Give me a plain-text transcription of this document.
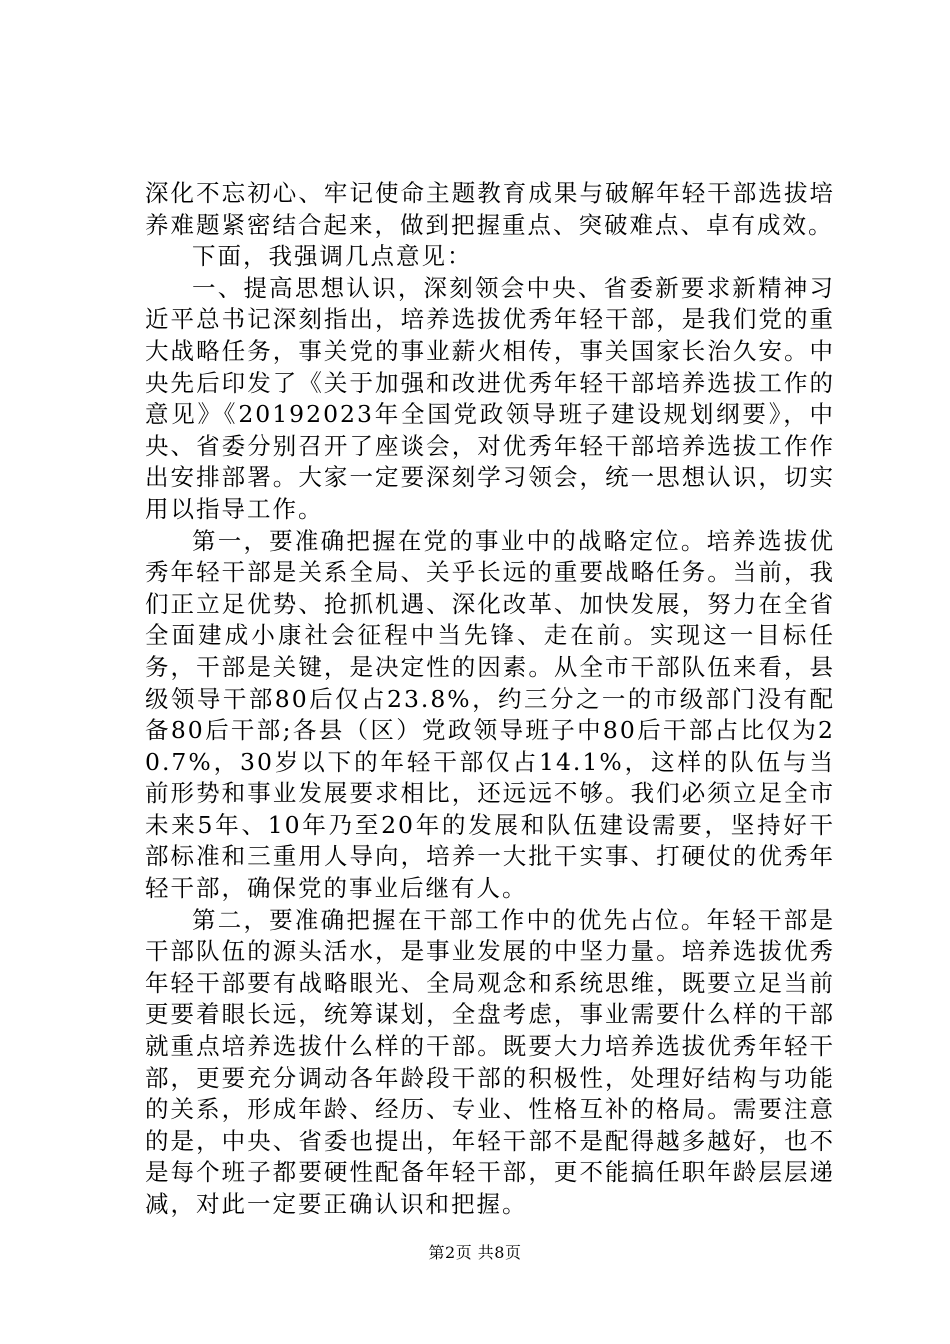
深化不忘初心、牢记使命主题教育成果与破解年轻干部选拔培养难题紧密结合起来，做到把握重点、突破难点、卓有成效。

下面，我强调几点意见：

一、提高思想认识，深刻领会中央、省委新要求新精神习近平总书记深刻指出，培养选拔优秀年轻干部，是我们党的重大战略任务，事关党的事业薪火相传，事关国家长治久安。中央先后印发了《关于加强和改进优秀年轻干部培养选拔工作的意见》《20192023年全国党政领导班子建设规划纲要》，中央、省委分别召开了座谈会，对优秀年轻干部培养选拔工作作出安排部署。大家一定要深刻学习领会，统一思想认识，切实用以指导工作。

第一，要准确把握在党的事业中的战略定位。培养选拔优秀年轻干部是关系全局、关乎长远的重要战略任务。当前，我们正立足优势、抢抓机遇、深化改革、加快发展，努力在全省全面建成小康社会征程中当先锋、走在前。实现这一目标任务，干部是关键，是决定性的因素。从全市干部队伍来看，县级领导干部80后仅占23.8%，约三分之一的市级部门没有配备80后干部;各县（区）党政领导班子中80后干部占比仅为20.7%，30岁以下的年轻干部仅占14.1%，这样的队伍与当前形势和事业发展要求相比，还远远不够。我们必须立足全市未来5年、10年乃至20年的发展和队伍建设需要，坚持好干部标准和三重用人导向，培养一大批干实事、打硬仗的优秀年轻干部，确保党的事业后继有人。

第二，要准确把握在干部工作中的优先占位。年轻干部是干部队伍的源头活水，是事业发展的中坚力量。培养选拔优秀年轻干部要有战略眼光、全局观念和系统思维，既要立足当前更要着眼长远，统筹谋划，全盘考虑，事业需要什么样的干部就重点培养选拔什么样的干部。既要大力培养选拔优秀年轻干部，更要充分调动各年龄段干部的积极性，处理好结构与功能的关系，形成年龄、经历、专业、性格互补的格局。需要注意的是，中央、省委也提出，年轻干部不是配得越多越好，也不是每个班子都要硬性配备年轻干部，更不能搞任职年龄层层递减，对此一定要正确认识和把握。

第2页 共8页
